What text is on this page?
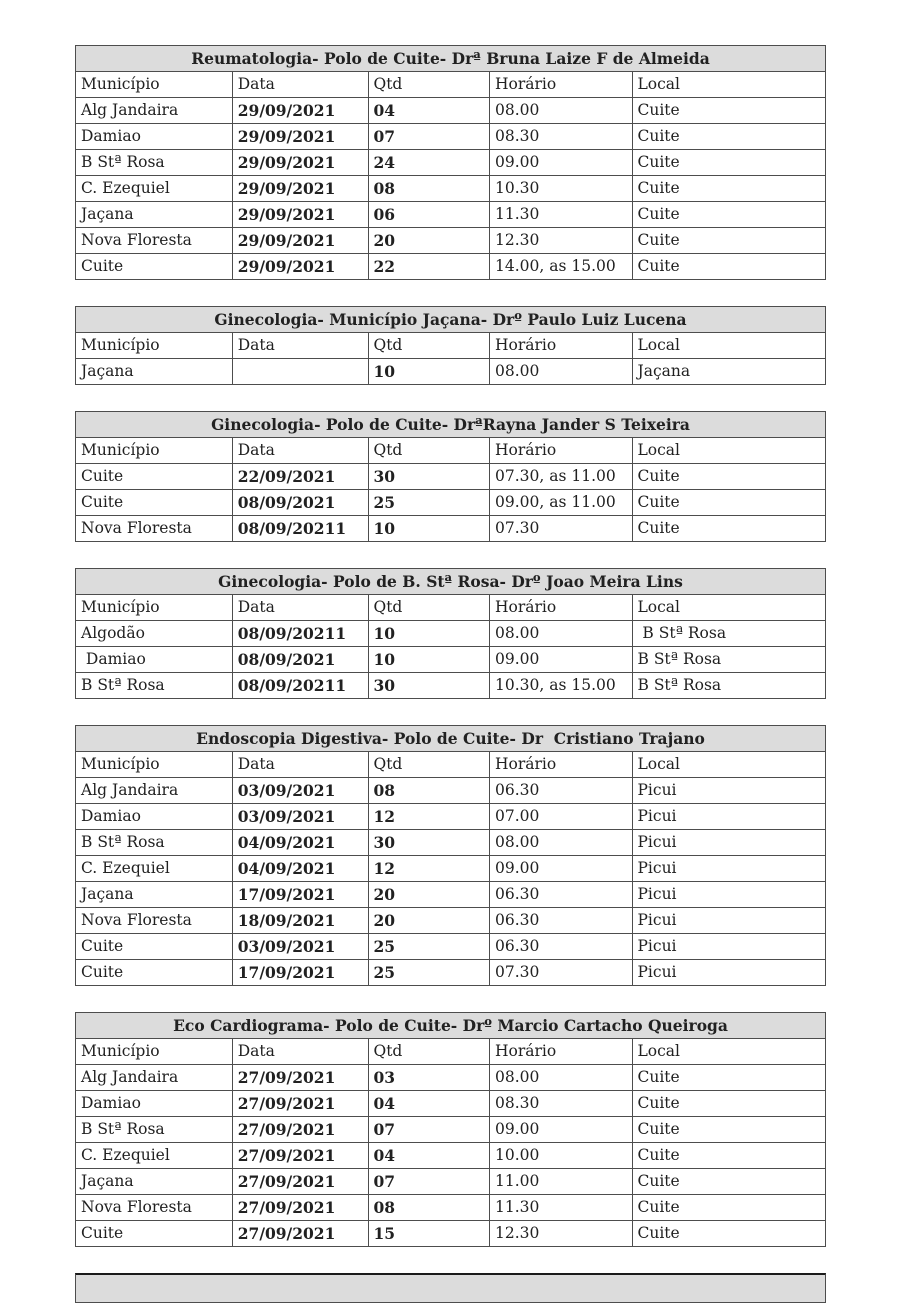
Reumatologia- Polo de Cuite- Drª Bruna Laize F de Almeida				
Município	Data	Qtd	Horário	Local
Alg Jandaira	29/09/2021	04	08.00	Cuite
Damiao	29/09/2021	07	08.30	Cuite
B Stª Rosa	29/09/2021	24	09.00	Cuite
C. Ezequiel	29/09/2021	08	10.30	Cuite
Jaçana	29/09/2021	06	11.30	Cuite
Nova Floresta	29/09/2021	20	12.30	Cuite
Cuite	29/09/2021	22	14.00, as 15.00	Cuite
Ginecologia- Município Jaçana- Drº Paulo Luiz Lucena				
Município	Data	Qtd	Horário	Local
Jaçana		10	08.00	Jaçana
Ginecologia- Polo de Cuite- DrªRayna Jander S Teixeira				
Município	Data	Qtd	Horário	Local
Cuite	22/09/2021	30	07.30, as 11.00	Cuite
Cuite	08/09/2021	25	09.00, as 11.00	Cuite
Nova Floresta	08/09/20211	10	07.30	Cuite
Ginecologia- Polo de B. Stª Rosa- Drº Joao Meira Lins				
Município	Data	Qtd	Horário	Local
Algodão	08/09/20211	10	08.00	B Stª Rosa
Damiao	08/09/2021	10	09.00	B Stª Rosa
B Stª Rosa	08/09/20211	30	10.30, as 15.00	B Stª Rosa
Endoscopia Digestiva- Polo de Cuite- Dr  Cristiano Trajano				
Município	Data	Qtd	Horário	Local
Alg Jandaira	03/09/2021	08	06.30	Picui
Damiao	03/09/2021	12	07.00	Picui
B Stª Rosa	04/09/2021	30	08.00	Picui
C. Ezequiel	04/09/2021	12	09.00	Picui
Jaçana	17/09/2021	20	06.30	Picui
Nova Floresta	18/09/2021	20	06.30	Picui
Cuite	03/09/2021	25	06.30	Picui
Cuite	17/09/2021	25	07.30	Picui
Eco Cardiograma- Polo de Cuite- Drº Marcio Cartacho Queiroga				
Município	Data	Qtd	Horário	Local
Alg Jandaira	27/09/2021	03	08.00	Cuite
Damiao	27/09/2021	04	08.30	Cuite
B Stª Rosa	27/09/2021	07	09.00	Cuite
C. Ezequiel	27/09/2021	04	10.00	Cuite
Jaçana	27/09/2021	07	11.00	Cuite
Nova Floresta	27/09/2021	08	11.30	Cuite
Cuite	27/09/2021	15	12.30	Cuite
